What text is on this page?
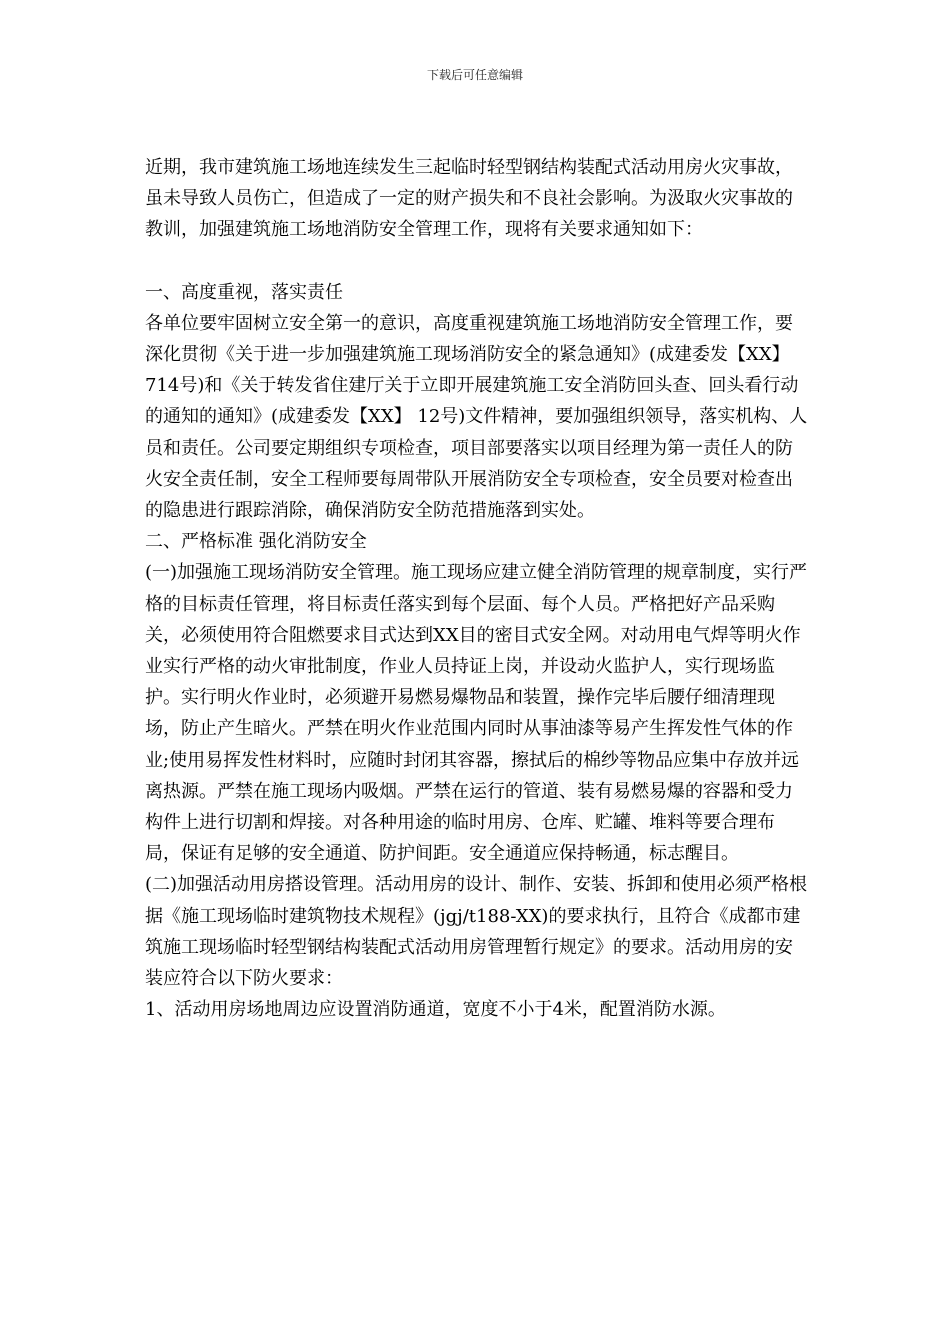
下载后可任意编辑

近期，我市建筑施工场地连续发生三起临时轻型钢结构装配式活动用房火灾事故，虽未导致人员伤亡，但造成了一定的财产损失和不良社会影响。为汲取火灾事故的教训，加强建筑施工场地消防安全管理工作，现将有关要求通知如下：

一、高度重视，落实责任

各单位要牢固树立安全第一的意识，高度重视建筑施工场地消防安全管理工作，要深化贯彻《关于进一步加强建筑施工现场消防安全的紧急通知》(成建委发【XX】714号)和《关于转发省住建厅关于立即开展建筑施工安全消防回头查、回头看行动的通知的通知》(成建委发【XX】 12号)文件精神，要加强组织领导，落实机构、人员和责任。公司要定期组织专项检查，项目部要落实以项目经理为第一责任人的防火安全责任制，安全工程师要每周带队开展消防安全专项检查，安全员要对检查出的隐患进行跟踪消除，确保消防安全防范措施落到实处。

二、严格标准 强化消防安全

(一)加强施工现场消防安全管理。施工现场应建立健全消防管理的规章制度，实行严格的目标责任管理，将目标责任落实到每个层面、每个人员。严格把好产品采购关，必须使用符合阻燃要求目式达到XX目的密目式安全网。对动用电气焊等明火作业实行严格的动火审批制度，作业人员持证上岗，并设动火监护人，实行现场监护。实行明火作业时，必须避开易燃易爆物品和装置，操作完毕后腰仔细清理现场，防止产生暗火。严禁在明火作业范围内同时从事油漆等易产生挥发性气体的作业;使用易挥发性材料时，应随时封闭其容器，擦拭后的棉纱等物品应集中存放并远离热源。严禁在施工现场内吸烟。严禁在运行的管道、装有易燃易爆的容器和受力构件上进行切割和焊接。对各种用途的临时用房、仓库、贮罐、堆料等要合理布局，保证有足够的安全通道、防护间距。安全通道应保持畅通，标志醒目。

(二)加强活动用房搭设管理。活动用房的设计、制作、安装、拆卸和使用必须严格根据《施工现场临时建筑物技术规程》(jgj/t188-XX)的要求执行，且符合《成都市建筑施工现场临时轻型钢结构装配式活动用房管理暂行规定》的要求。活动用房的安装应符合以下防火要求：

1、活动用房场地周边应设置消防通道，宽度不小于4米，配置消防水源。
